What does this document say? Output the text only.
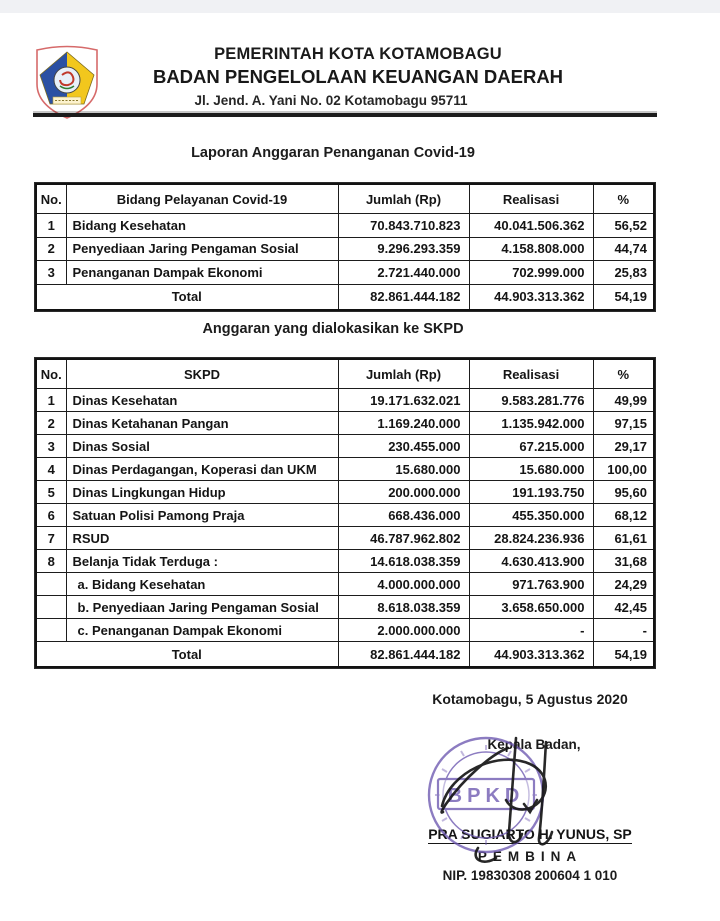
PEMERINTAH KOTA KOTAMOBAGU
BADAN PENGELOLAAN KEUANGAN DAERAH
Jl. Jend. A. Yani No. 02 Kotamobagu 95711
Laporan Anggaran Penanganan Covid-19
No.	Bidang Pelayanan Covid-19	Jumlah (Rp)	Realisasi	%
1	Bidang Kesehatan	70.843.710.823	40.041.506.362	56,52
2	Penyediaan Jaring Pengaman Sosial	9.296.293.359	4.158.808.000	44,74
3	Penanganan Dampak Ekonomi	2.721.440.000	702.999.000	25,83
Total		82.861.444.182	44.903.313.362	54,19
Anggaran yang dialokasikan ke SKPD
No.	SKPD	Jumlah (Rp)	Realisasi	%
1	Dinas Kesehatan	19.171.632.021	9.583.281.776	49,99
2	Dinas Ketahanan Pangan	1.169.240.000	1.135.942.000	97,15
3	Dinas Sosial	230.455.000	67.215.000	29,17
4	Dinas Perdagangan, Koperasi dan UKM	15.680.000	15.680.000	100,00
5	Dinas Lingkungan Hidup	200.000.000	191.193.750	95,60
6	Satuan Polisi Pamong Praja	668.436.000	455.350.000	68,12
7	RSUD	46.787.962.802	28.824.236.936	61,61
8	Belanja Tidak Terduga :	14.618.038.359	4.630.413.900	31,68
	a. Bidang Kesehatan	4.000.000.000	971.763.900	24,29
	b. Penyediaan Jaring Pengaman Sosial	8.618.038.359	3.658.650.000	42,45
	c. Penanganan Dampak Ekonomi	2.000.000.000	-	-
Total		82.861.444.182	44.903.313.362	54,19
Kotamobagu, 5 Agustus 2020
Kepala Badan,
BPKD
PRA SUGIARTO H. YUNUS, SP
PEMBINA
NIP. 19830308 200604 1 010
